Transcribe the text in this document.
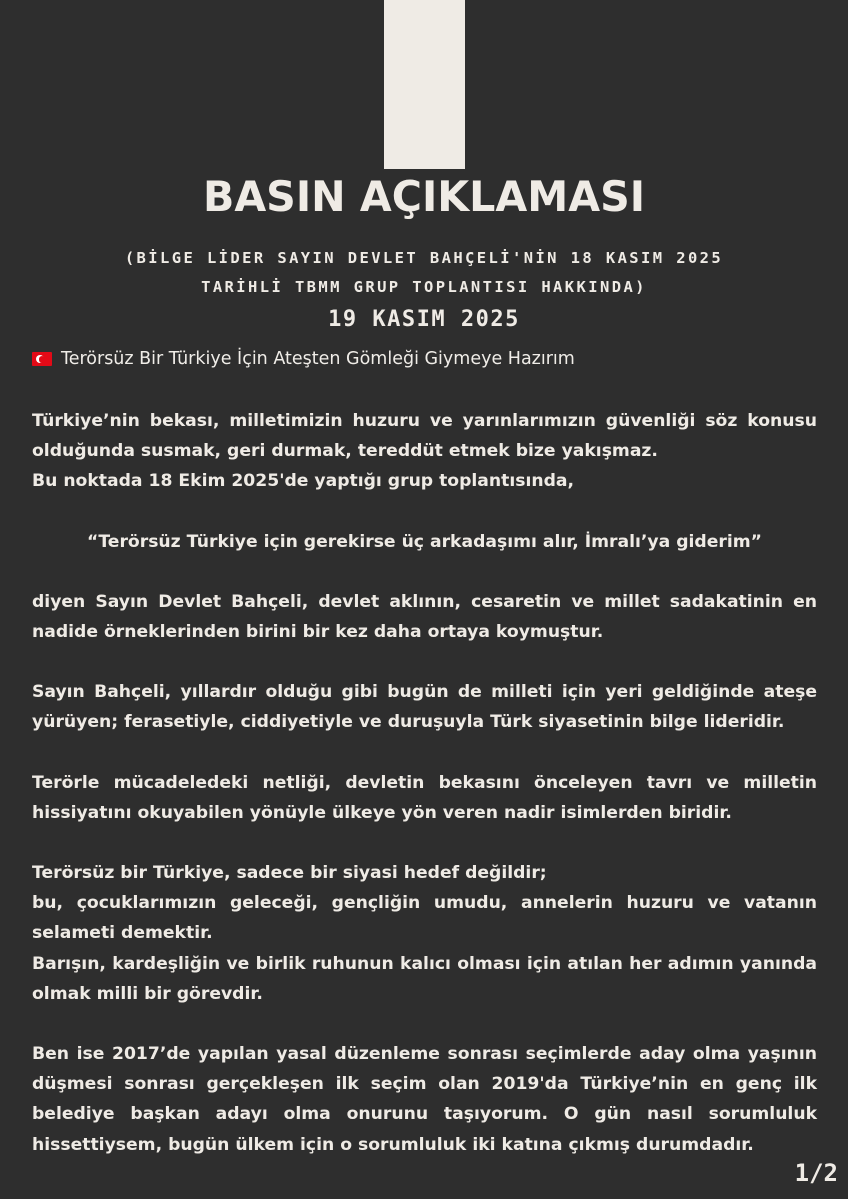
BASIN AÇIKLAMASI
(BİLGE LİDER SAYIN DEVLET BAHÇELİ'NİN 18 KASIM 2025
TARİHLİ TBMM GRUP TOPLANTISI HAKKINDA)
19 KASIM 2025
Terörsüz Bir Türkiye İçin Ateşten Gömleği Giymeye Hazırım

Türkiye’nin bekası, milletimizin huzuru ve yarınlarımızın güvenliği söz konusu olduğunda susmak, geri durmak, tereddüt etmek bize yakışmaz.

Bu noktada 18 Ekim 2025'de yaptığı grup toplantısında,

“Terörsüz Türkiye için gerekirse üç arkadaşımı alır, İmralı’ya giderim”

diyen Sayın Devlet Bahçeli, devlet aklının, cesaretin ve millet sadakatinin en nadide örneklerinden birini bir kez daha ortaya koymuştur.

Sayın Bahçeli, yıllardır olduğu gibi bugün de milleti için yeri geldiğinde ateşe yürüyen; ferasetiyle, ciddiyetiyle ve duruşuyla Türk siyasetinin bilge lideridir.

Terörle mücadeledeki netliği, devletin bekasını önceleyen tavrı ve milletin hissiyatını okuyabilen yönüyle ülkeye yön veren nadir isimlerden biridir.

Terörsüz bir Türkiye, sadece bir siyasi hedef değildir;

bu, çocuklarımızın geleceği, gençliğin umudu, annelerin huzuru ve vatanın selameti demektir.

Barışın, kardeşliğin ve birlik ruhunun kalıcı olması için atılan her adımın yanında olmak milli bir görevdir.

Ben ise 2017’de yapılan yasal düzenleme sonrası seçimlerde aday olma yaşının düşmesi sonrası gerçekleşen ilk seçim olan 2019'da Türkiye’nin en genç ilk belediye başkan adayı olma onurunu taşıyorum. O gün nasıl sorumluluk hissettiysem, bugün ülkem için o sorumluluk iki katına çıkmış durumdadır.

1/2
